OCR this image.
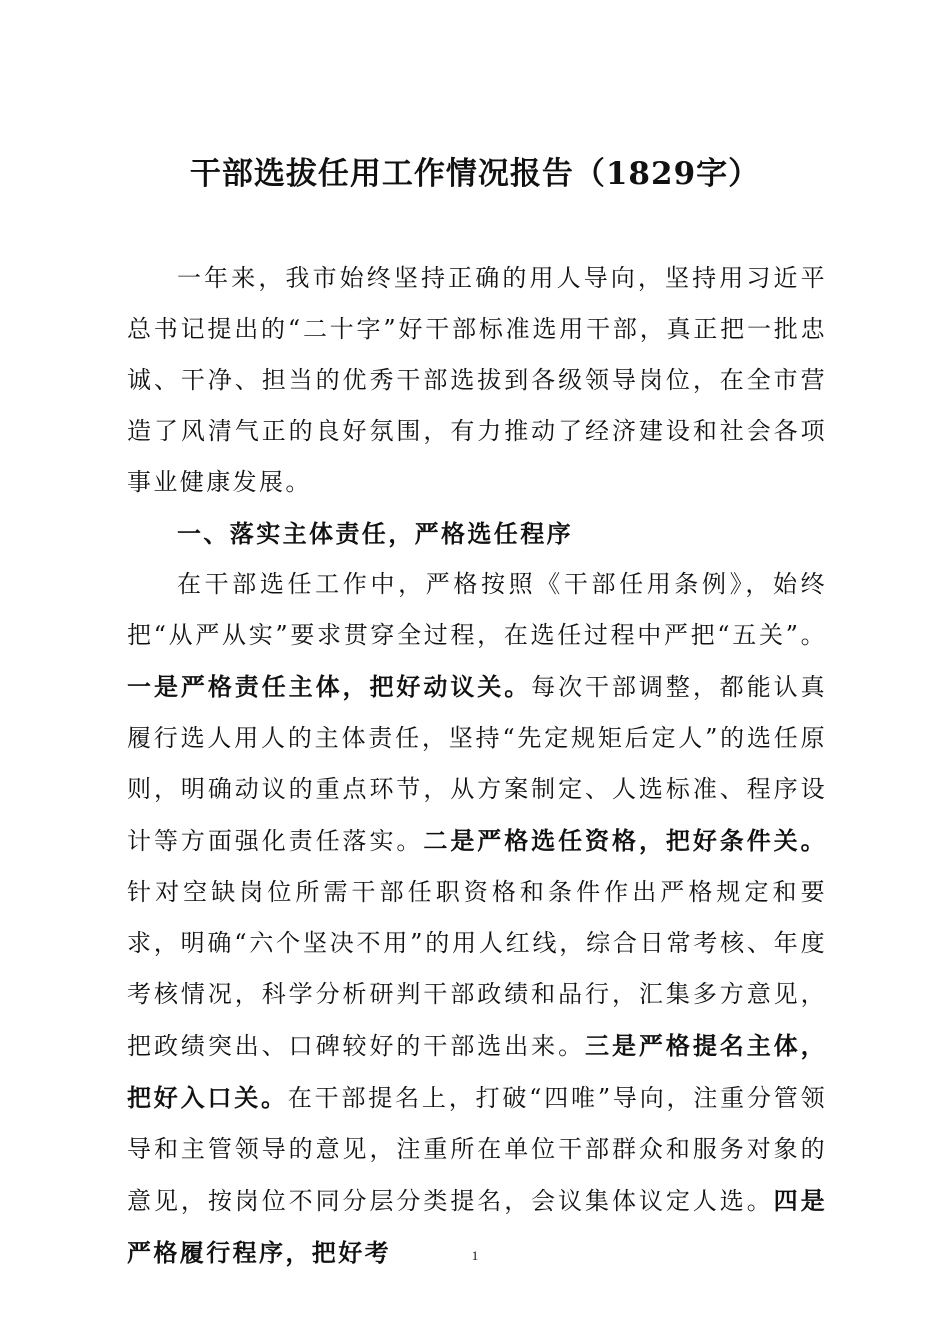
干部选拔任用工作情况报告（1829字）

一年来，我市始终坚持正确的用人导向，坚持用习近平总书记提出的“二十字”好干部标准选用干部，真正把一批忠诚、干净、担当的优秀干部选拔到各级领导岗位，在全市营造了风清气正的良好氛围，有力推动了经济建设和社会各项事业健康发展。

一、落实主体责任，严格选任程序

在干部选任工作中，严格按照《干部任用条例》，始终把“从严从实”要求贯穿全过程，在选任过程中严把“五关”。一是严格责任主体，把好动议关。每次干部调整，都能认真履行选人用人的主体责任，坚持“先定规矩后定人”的选任原则，明确动议的重点环节，从方案制定、人选标准、程序设计等方面强化责任落实。二是严格选任资格，把好条件关。针对空缺岗位所需干部任职资格和条件作出严格规定和要求，明确“六个坚决不用”的用人红线，综合日常考核、年度考核情况，科学分析研判干部政绩和品行，汇集多方意见，把政绩突出、口碑较好的干部选出来。三是严格提名主体，把好入口关。在干部提名上，打破“四唯”导向，注重分管领导和主管领导的意见，注重所在单位干部群众和服务对象的意见，按岗位不同分层分类提名，会议集体议定人选。四是严格履行程序，把好考	1
